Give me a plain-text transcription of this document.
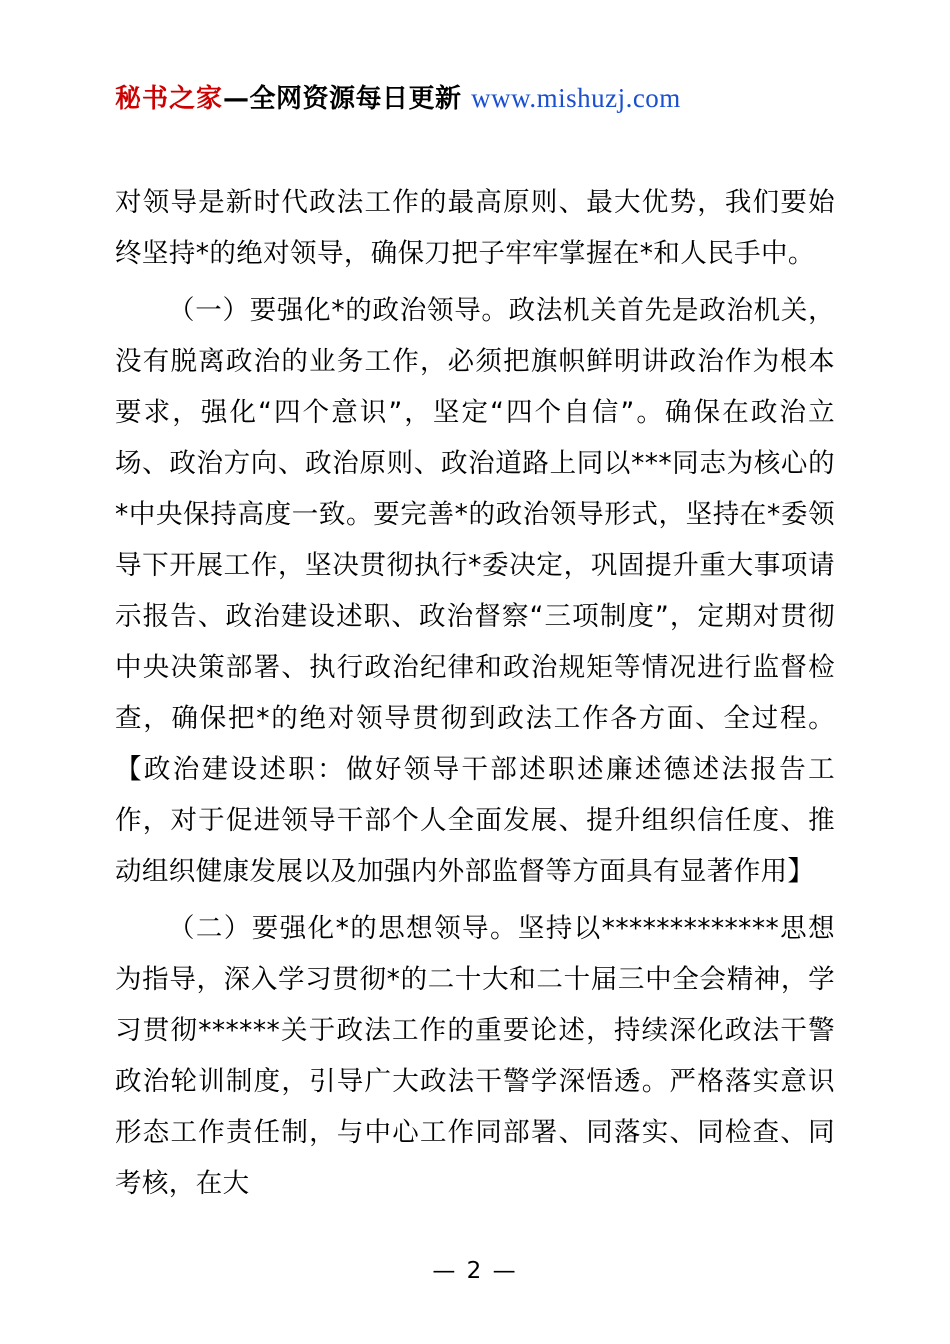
秘书之家—全网资源每日更新 www.mishuzj.com

对领导是新时代政法工作的最高原则、最大优势，我们要始终坚持*的绝对领导，确保刀把子牢牢掌握在*和人民手中。

（一）要强化*的政治领导。政法机关首先是政治机关，没有脱离政治的业务工作，必须把旗帜鲜明讲政治作为根本要求，强化“四个意识”，坚定“四个自信”。确保在政治立场、政治方向、政治原则、政治道路上同以***同志为核心的*中央保持高度一致。要完善*的政治领导形式，坚持在*委领导下开展工作，坚决贯彻执行*委决定，巩固提升重大事项请示报告、政治建设述职、政治督察“三项制度”，定期对贯彻中央决策部署、执行政治纪律和政治规矩等情况进行监督检查，确保把*的绝对领导贯彻到政法工作各方面、全过程。【政治建设述职：做好领导干部述职述廉述德述法报告工作，对于促进领导干部个人全面发展、提升组织信任度、推动组织健康发展以及加强内外部监督等方面具有显著作用】

（二）要强化*的思想领导。坚持以*************思想为指导，深入学习贯彻*的二十大和二十届三中全会精神，学习贯彻******关于政法工作的重要论述，持续深化政法干警政治轮训制度，引导广大政法干警学深悟透。严格落实意识形态工作责任制，与中心工作同部署、同落实、同检查、同考核，在大

— 2 —
